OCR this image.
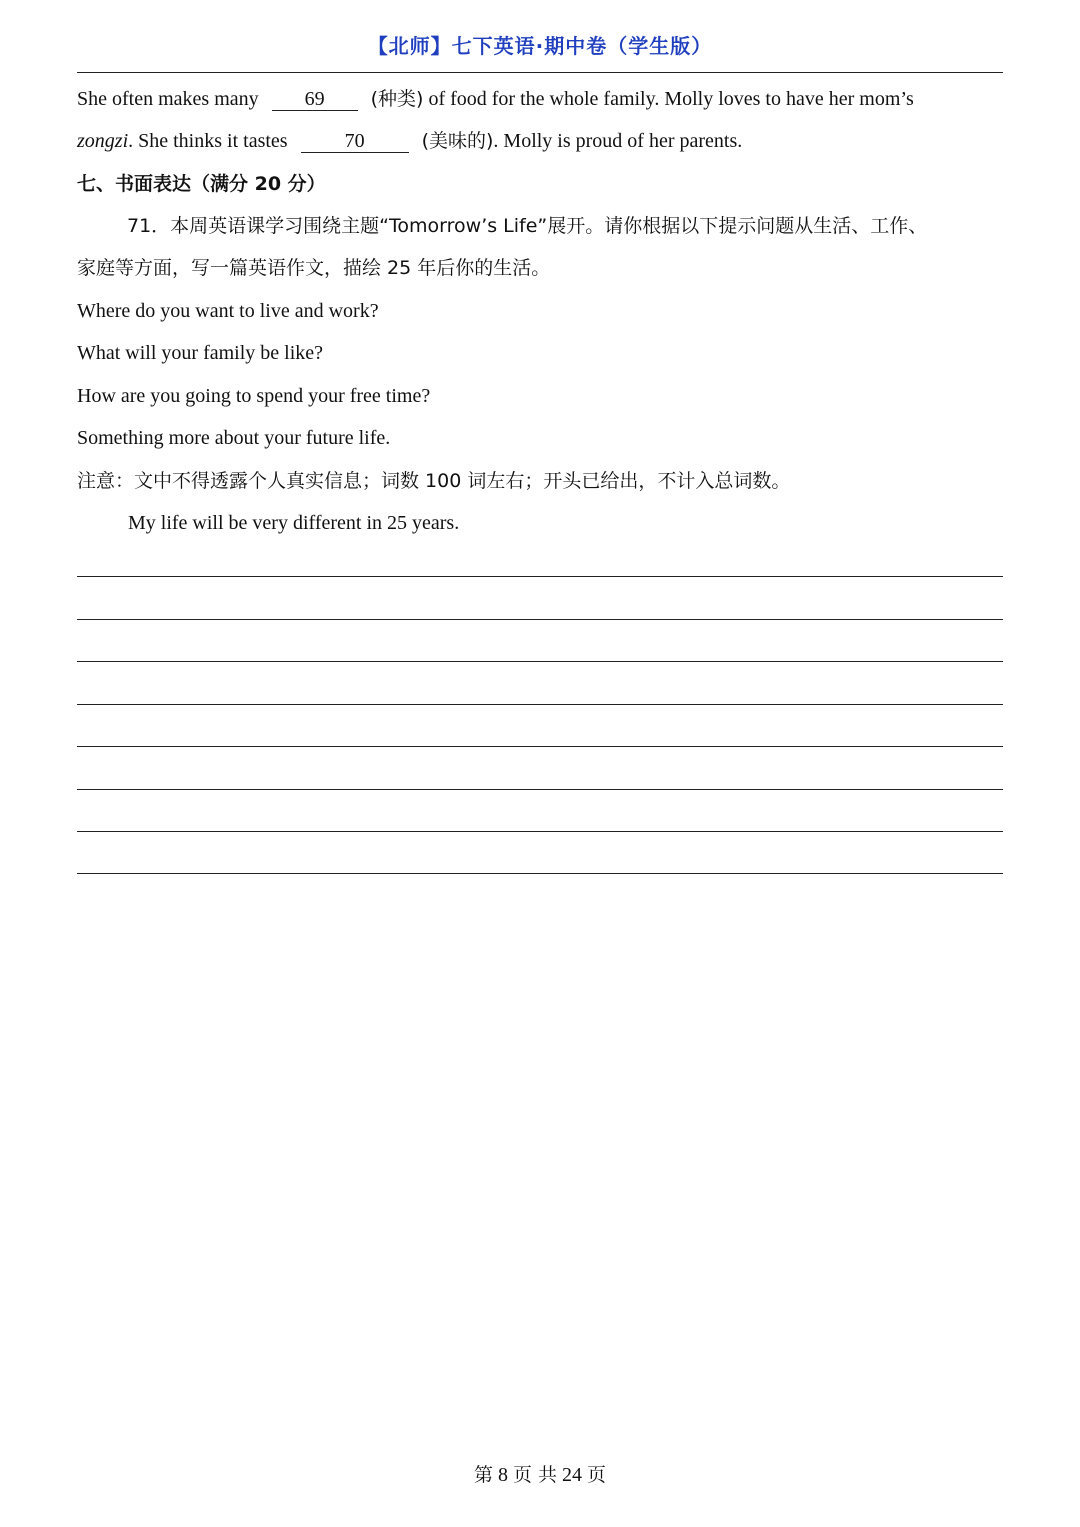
【北师】七下英语·期中卷（学生版）
She often makes many 69 (种类) of food for the whole family. Molly loves to have her mom’s
zongzi. She thinks it tastes	70	(美味的). Molly is proud of her parents.
七、书面表达（满分 20 分）
71．本周英语课学习围绕主题“Tomorrow’s Life”展开。请你根据以下提示问题从生活、工作、
家庭等方面，写一篇英语作文，描绘 25 年后你的生活。
Where do you want to live and work?
What will your family be like?
How are you going to spend your free time?
Something more about your future life.
注意：文中不得透露个人真实信息；词数 100 词左右；开头已给出，不计入总词数。
My life will be very different in 25 years.
第 8 页 共 24 页
